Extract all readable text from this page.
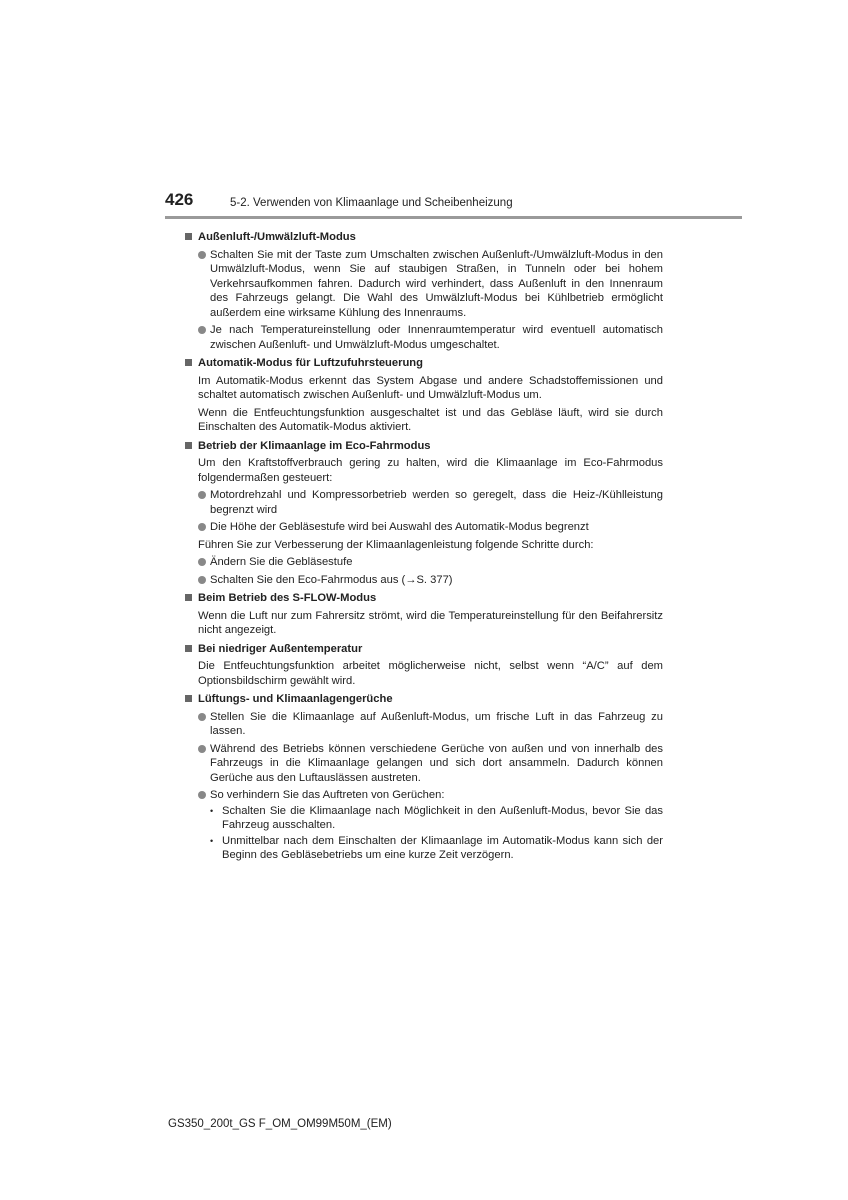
426	5-2. Verwenden von Klimaanlage und Scheibenheizung
Außenluft-/Umwälzluft-Modus
Schalten Sie mit der Taste zum Umschalten zwischen Außenluft-/Umwälzluft-Modus in den Umwälzluft-Modus, wenn Sie auf staubigen Straßen, in Tunneln oder bei hohem Verkehrsaufkommen fahren. Dadurch wird verhindert, dass Außenluft in den Innenraum des Fahrzeugs gelangt. Die Wahl des Umwälzluft-Modus bei Kühlbetrieb ermöglicht außerdem eine wirksame Kühlung des Innenraums.
Je nach Temperatureinstellung oder Innenraumtemperatur wird eventuell automatisch zwischen Außenluft- und Umwälzluft-Modus umgeschaltet.
Automatik-Modus für Luftzufuhrsteuerung
Im Automatik-Modus erkennt das System Abgase und andere Schadstoffemissionen und schaltet automatisch zwischen Außenluft- und Umwälzluft-Modus um.
Wenn die Entfeuchtungsfunktion ausgeschaltet ist und das Gebläse läuft, wird sie durch Einschalten des Automatik-Modus aktiviert.
Betrieb der Klimaanlage im Eco-Fahrmodus
Um den Kraftstoffverbrauch gering zu halten, wird die Klimaanlage im Eco-Fahrmodus folgendermaßen gesteuert:
Motordrehzahl und Kompressorbetrieb werden so geregelt, dass die Heiz-/Kühlleistung begrenzt wird
Die Höhe der Gebläsestufe wird bei Auswahl des Automatik-Modus begrenzt
Führen Sie zur Verbesserung der Klimaanlagenleistung folgende Schritte durch:
Ändern Sie die Gebläsestufe
Schalten Sie den Eco-Fahrmodus aus (→S. 377)
Beim Betrieb des S-FLOW-Modus
Wenn die Luft nur zum Fahrersitz strömt, wird die Temperatureinstellung für den Beifahrersitz nicht angezeigt.
Bei niedriger Außentemperatur
Die Entfeuchtungsfunktion arbeitet möglicherweise nicht, selbst wenn “A/C” auf dem Optionsbildschirm gewählt wird.
Lüftungs- und Klimaanlagengerüche
Stellen Sie die Klimaanlage auf Außenluft-Modus, um frische Luft in das Fahrzeug zu lassen.
Während des Betriebs können verschiedene Gerüche von außen und von innerhalb des Fahrzeugs in die Klimaanlage gelangen und sich dort ansammeln. Dadurch können Gerüche aus den Luftauslässen austreten.
So verhindern Sie das Auftreten von Gerüchen:
• Schalten Sie die Klimaanlage nach Möglichkeit in den Außenluft-Modus, bevor Sie das Fahrzeug ausschalten.
• Unmittelbar nach dem Einschalten der Klimaanlage im Automatik-Modus kann sich der Beginn des Gebläsebetriebs um eine kurze Zeit verzögern.
GS350_200t_GS F_OM_OM99M50M_(EM)
